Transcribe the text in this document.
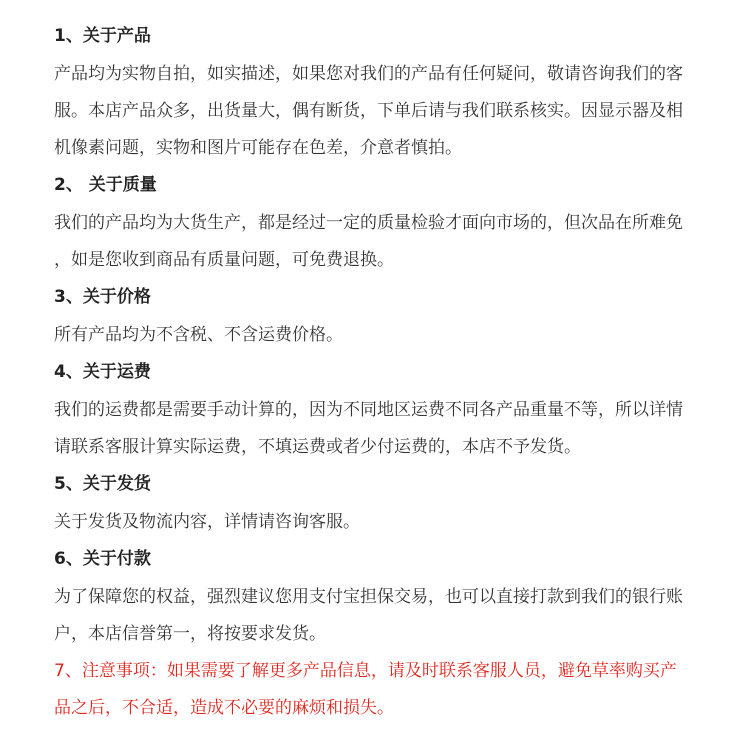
1、关于产品
产品均为实物自拍，如实描述，如果您对我们的产品有任何疑问，敬请咨询我们的客
服。本店产品众多，出货量大，偶有断货，下单后请与我们联系核实。因显示器及相
机像素问题，实物和图片可能存在色差，介意者慎拍。
2、 关于质量
我们的产品均为大货生产，都是经过一定的质量检验才面向市场的，但次品在所难免
，如是您收到商品有质量问题，可免费退换。
3、关于价格
所有产品均为不含税、不含运费价格。
4、关于运费
我们的运费都是需要手动计算的，因为不同地区运费不同各产品重量不等，所以详情
请联系客服计算实际运费，不填运费或者少付运费的，本店不予发货。
5、关于发货
关于发货及物流内容，详情请咨询客服。
6、关于付款
为了保障您的权益，强烈建议您用支付宝担保交易，也可以直接打款到我们的银行账
户，本店信誉第一，将按要求发货。
7、注意事项：如果需要了解更多产品信息，请及时联系客服人员，避免草率购买产
品之后，不合适，造成不必要的麻烦和损失。
